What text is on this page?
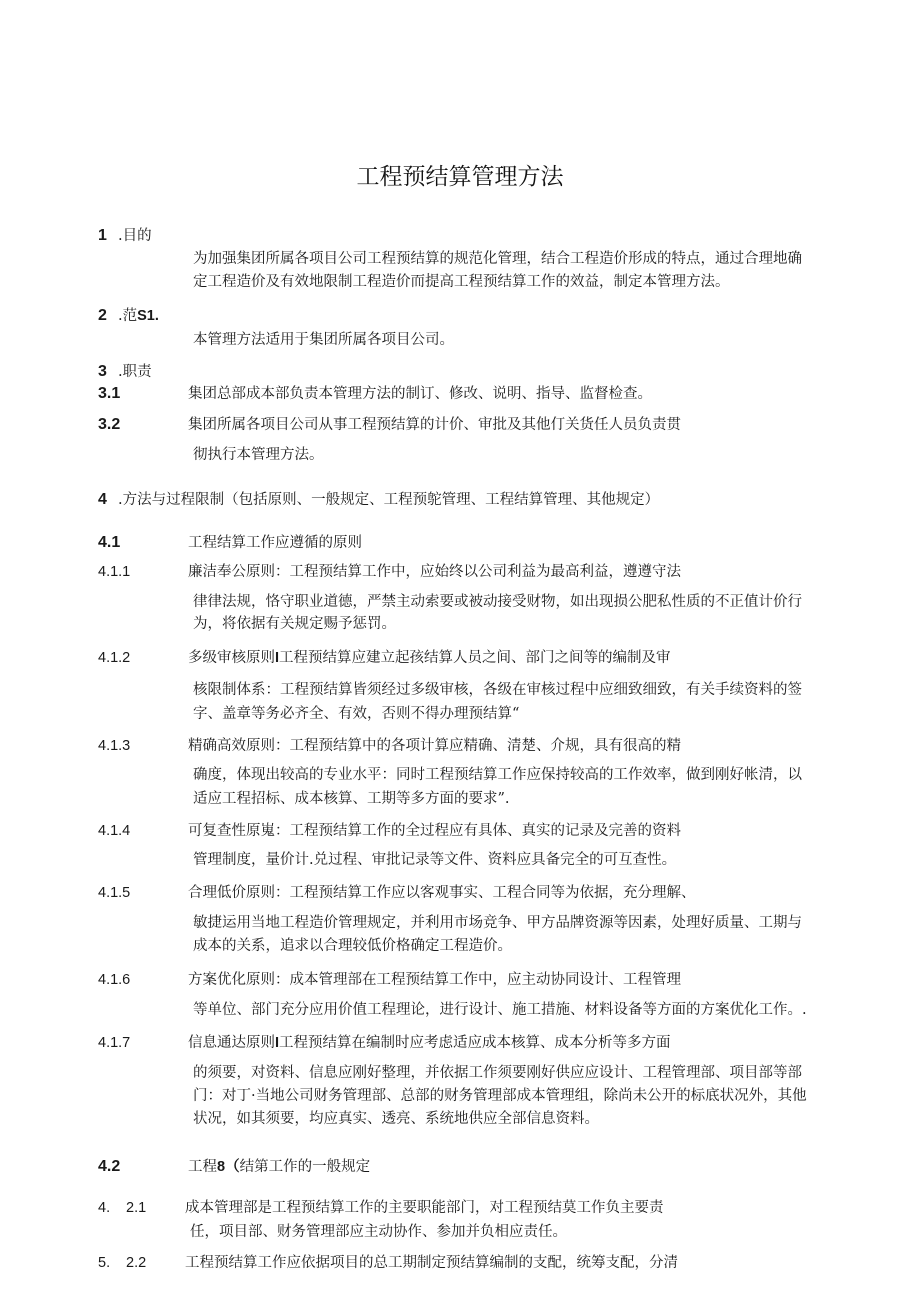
工程预结算管理方法
1 .目的
为加强集团所属各项目公司工程预结算的规范化管理，结合工程造价形成的特点，通过合理地确
定工程造价及有效地限制工程造价而提高工程预结算工作的效益，制定本管理方法。
2 .范S1.
本管理方法适用于集团所属各项目公司。
3 .职责
3.1	集团总部成本部负责本管理方法的制订、修改、说明、指导、监督检查。
3.2	集团所属各项目公司从事工程预结算的计价、审批及其他仃关货任人员负责贯
彻执行本管理方法。
4 .方法与过程限制（包括原则、一般规定、工程预鸵管理、工程结算管理、其他规定）
4.1	工程结算工作应遵循的原则
4.1.1	廉洁奉公原则：工程预结算工作中，应始终以公司利益为最高利益，遵遵守法
律律法规，恪守职业道德，严禁主动索要或被动接受财物，如出现损公肥私性质的不正值计价行
为，将依据有关规定赐予惩罚。
4.1.2	多级审核原则I工程预结算应建立起孩结算人员之间、部门之间等的编制及审
核限制体系：工程预结算皆须经过多级审核，各级在审核过程中应细致细致，有关手续资料的签
字、盖章等务必齐全、有效，否则不得办理预结算“
4.1.3	精确高效原则：工程预结算中的各项计算应精确、清楚、介规，具有很高的精
确度，体现出较高的专业水平：同时工程预结算工作应保持较高的工作效率，做到刚好帐清，以
适应工程招标、成本核算、工期等多方面的要求”.
4.1.4	可复查性原嵬：工程预结算工作的全过程应有具体、真实的记录及完善的资料
管理制度，量价计.兑过程、审批记录等文件、资料应具备完全的可互查性。
4.1.5	合理低价原则：工程预结算工作应以客观事实、工程合同等为依据，充分理解、
敏捷运用当地工程造价管理规定，并利用市场竞争、甲方品牌资源等因素，处理好质量、工期与
成本的关系，追求以合理较低价格确定工程造价。
4.1.6	方案优化原则：成本管理部在工程预结算工作中，应主动协同设计、工程管理
等单位、部门充分应用价值工程理论，进行设计、施工措施、材料设备等方面的方案优化工作。.
4.1.7	信息通达原则I工程预结算在编制时应考虑适应成本核算、成本分析等多方面
的须要，对资料、信息应刚好整理，并依据工作须要刚好供应应设计、工程管理部、项目部等部
门：对丁·当地公司财务管理部、总部的财务管理部成本管理组，除尚未公开的标底状况外，其他
状况，如其须要，均应真实、透亮、系统地供应全部信息资料。
4.2	工程8（结第工作的一般规定
4. 2.1	成本管理部是工程预结算工作的主要职能部门，对工程预结莫工作负主要责
任，项目部、财务管理部应主动协作、参加并负相应责任。
5. 2.2	工程预结算工作应依据项目的总工期制定预结算编制的支配，统筹支配，分清
